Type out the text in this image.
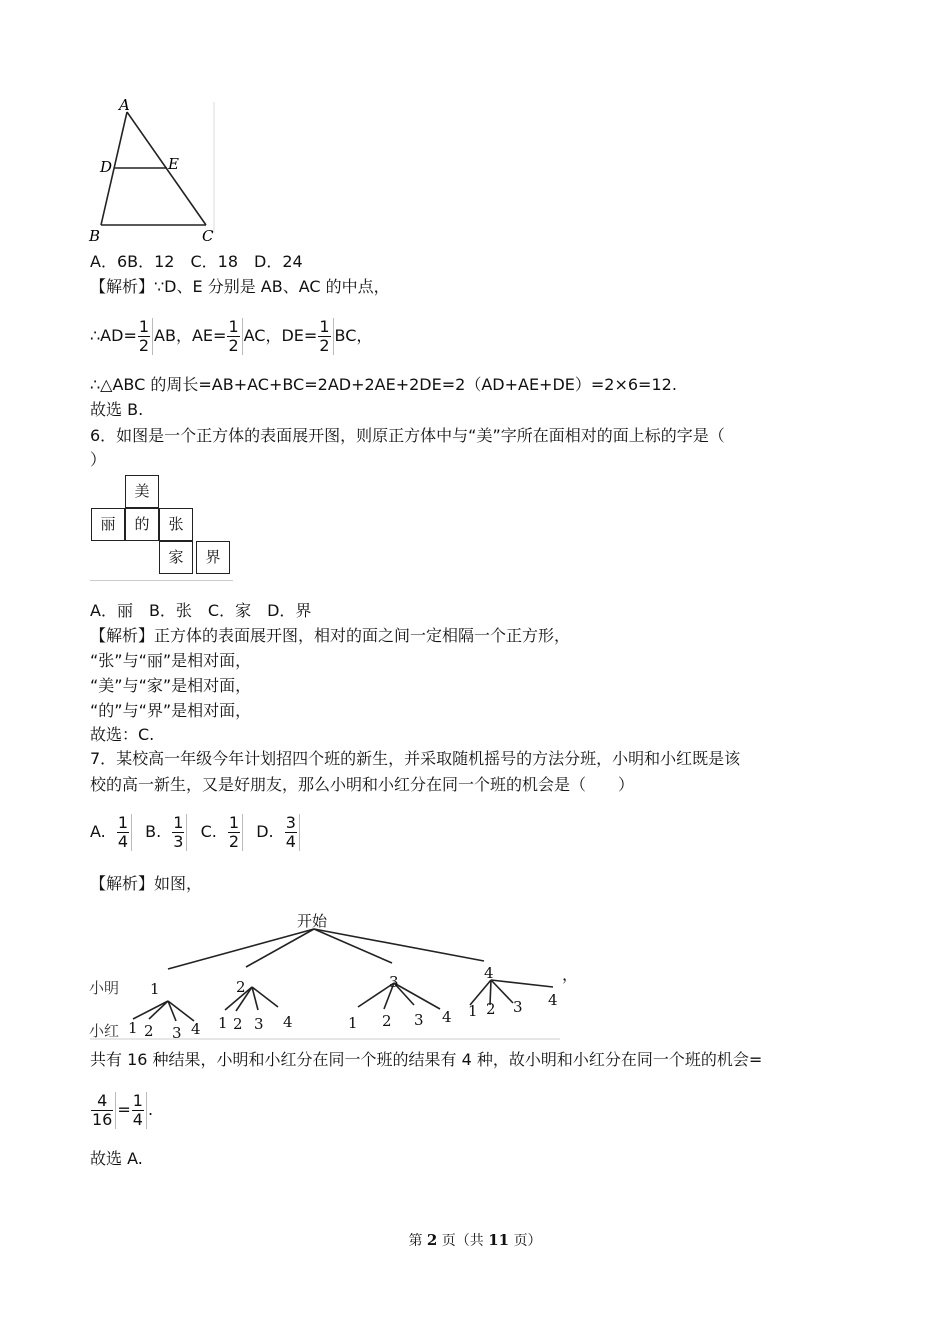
A
D	E
B	C
A．6B．12　C．18　D．24
【解析】∵D、E 分别是 AB、AC 的中点，
∴AD= $\frac{1}{2}$ AB，$AE= \frac{1}{2}$ AC，$DE= \frac{1}{2}$ BC，
∴△ABC 的周长=AB+AC+BC=2AD+2AE+2DE=2（AD+AE+DE）=2×6=12.
故选 B.
6．如图是一个正方体的表面展开图，则原正方体中与“美”字所在面相对的面上标的字是（
）
美
丽	的	张
家	界
A．丽　B．张　C．家　D．界
【解析】正方体的表面展开图，相对的面之间一定相隔一个正方形，
“张”与“丽”是相对面，
“美”与“家”是相对面，
“的”与“界”是相对面，
故选：C.
7．某校高一年级今年计划招四个班的新生，并采取随机摇号的方法分班，小明和小红既是该
校的高一新生，又是好朋友，那么小明和小红分在同一个班的机会是（　　）
A. $\frac{1}{4} B$. $\frac{1}{3} C$. $\frac{1}{2} D$. $\frac{3}{4}$
【解析】如图，
开始
小明
小红
1	2	3	4	，
1 2 3 4 1 2 3 4	1 2 3 4 1 2 3 4
共有 16 种结果，小明和小红分在同一个班的结果有 4 种，故小明和小红分在同一个班的机会=
$\frac{4}{16} = \frac{1}{4}$ .
故选 A.
第 2 页（共 11 页）
